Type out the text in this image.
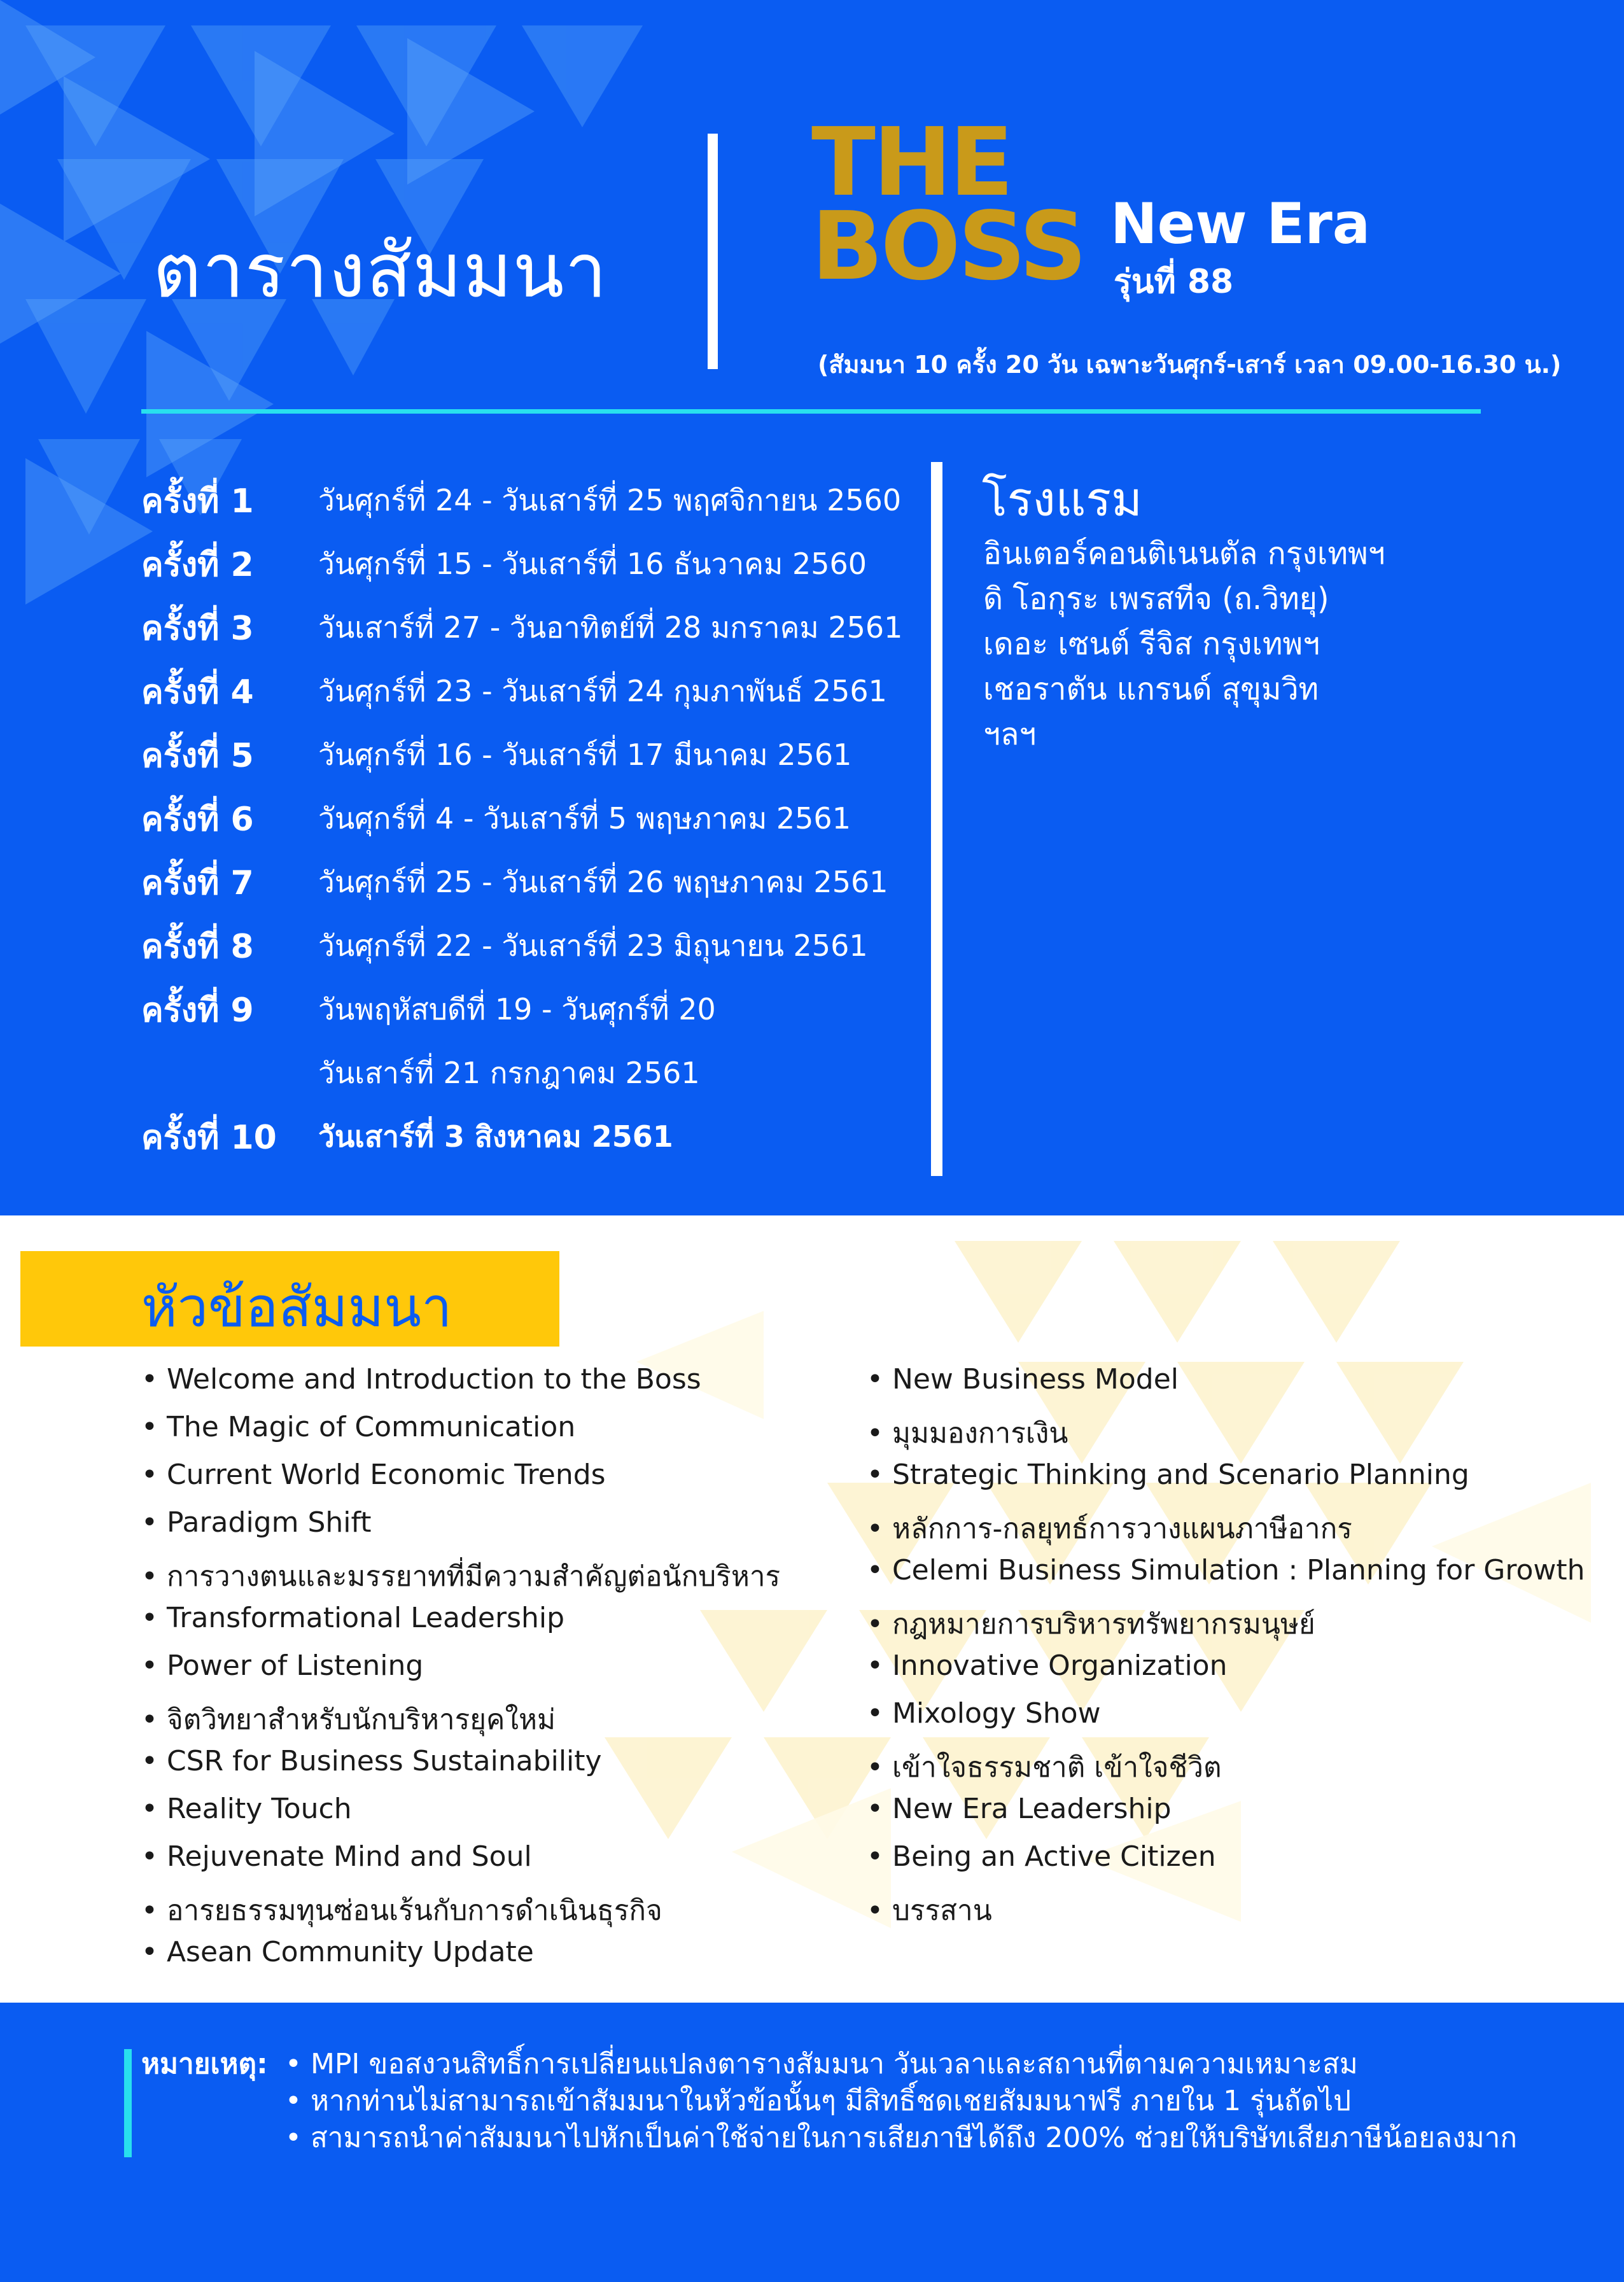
ตารางสัมมนา
THE
BOSS New Era
รุ่นที่ 88
(สัมมนา 10 ครั้ง 20 วัน เฉพาะวันศุกร์-เสาร์ เวลา 09.00-16.30 น.)
โรงแรม
ครั้งที่ 1 วันศุกร์ที่ 24 - วันเสาร์ที่ 25 พฤศจิกายน 2560
ครั้งที่ 2 วันศุกร์ที่ 15 - วันเสาร์ที่ 16 ธันวาคม 2560
ครั้งที่ 3 วันเสาร์ที่ 27 - วันอาทิตย์ที่ 28 มกราคม 2561
ครั้งที่ 4 วันศุกร์ที่ 23 - วันเสาร์ที่ 24 กุมภาพันธ์ 2561
ครั้งที่ 5 วันศุกร์ที่ 16 - วันเสาร์ที่ 17 มีนาคม 2561
ครั้งที่ 6 วันศุกร์ที่ 4 - วันเสาร์ที่ 5 พฤษภาคม 2561
ครั้งที่ 7 วันศุกร์ที่ 25 - วันเสาร์ที่ 26 พฤษภาคม 2561
ครั้งที่ 8 วันศุกร์ที่ 22 - วันเสาร์ที่ 23 มิถุนายน 2561
ครั้งที่ 9 วันพฤหัสบดีที่ 19 - วันศุกร์ที่ 20
วันเสาร์ที่ 21 กรกฎาคม 2561
ครั้งที่ 10 วันเสาร์ที่ 3 สิงหาคม 2561
อินเตอร์คอนติเนนตัล กรุงเทพฯ
ดิ โอกุระ เพรสทีจ (ถ.วิทยุ)
เดอะ เซนต์ รีจิส กรุงเทพฯ
เชอราตัน แกรนด์ สุขุมวิท
ฯลฯ
หัวข้อสัมมนา
หมายเหตุ:
• Welcome and Introduction to the Boss
• The Magic of Communication
• Current World Economic Trends
• Paradigm Shift
• การวางตนและมรรยาทที่มีความสำคัญต่อนักบริหาร
• Transformational Leadership
• Power of Listening
• จิตวิทยาสำหรับนักบริหารยุคใหม่
• CSR for Business Sustainability
• Reality Touch
• Rejuvenate Mind and Soul
• อารยธรรมทุนซ่อนเร้นกับการดำเนินธุรกิจ
• Asean Community Update
• New Business Model
• มุมมองการเงิน
• Strategic Thinking and Scenario Planning
• หลักการ-กลยุทธ์การวางแผนภาษีอากร
• Celemi Business Simulation : Planning for Growth
• กฎหมายการบริหารทรัพยากรมนุษย์
• Innovative Organization
• Mixology Show
• เข้าใจธรรมชาติ เข้าใจชีวิต
• New Era Leadership
• Being an Active Citizen
• บรรสาน
• MPI ขอสงวนสิทธิ์การเปลี่ยนแปลงตารางสัมมนา วันเวลาและสถานที่ตามความเหมาะสม
• หากท่านไม่สามารถเข้าสัมมนาในหัวข้อนั้นๆ มีสิทธิ์ชดเชยสัมมนาฟรี ภายใน 1 รุ่นถัดไป
• สามารถนำค่าสัมมนาไปหักเป็นค่าใช้จ่ายในการเสียภาษีได้ถึง 200% ช่วยให้บริษัทเสียภาษีน้อยลงมาก
